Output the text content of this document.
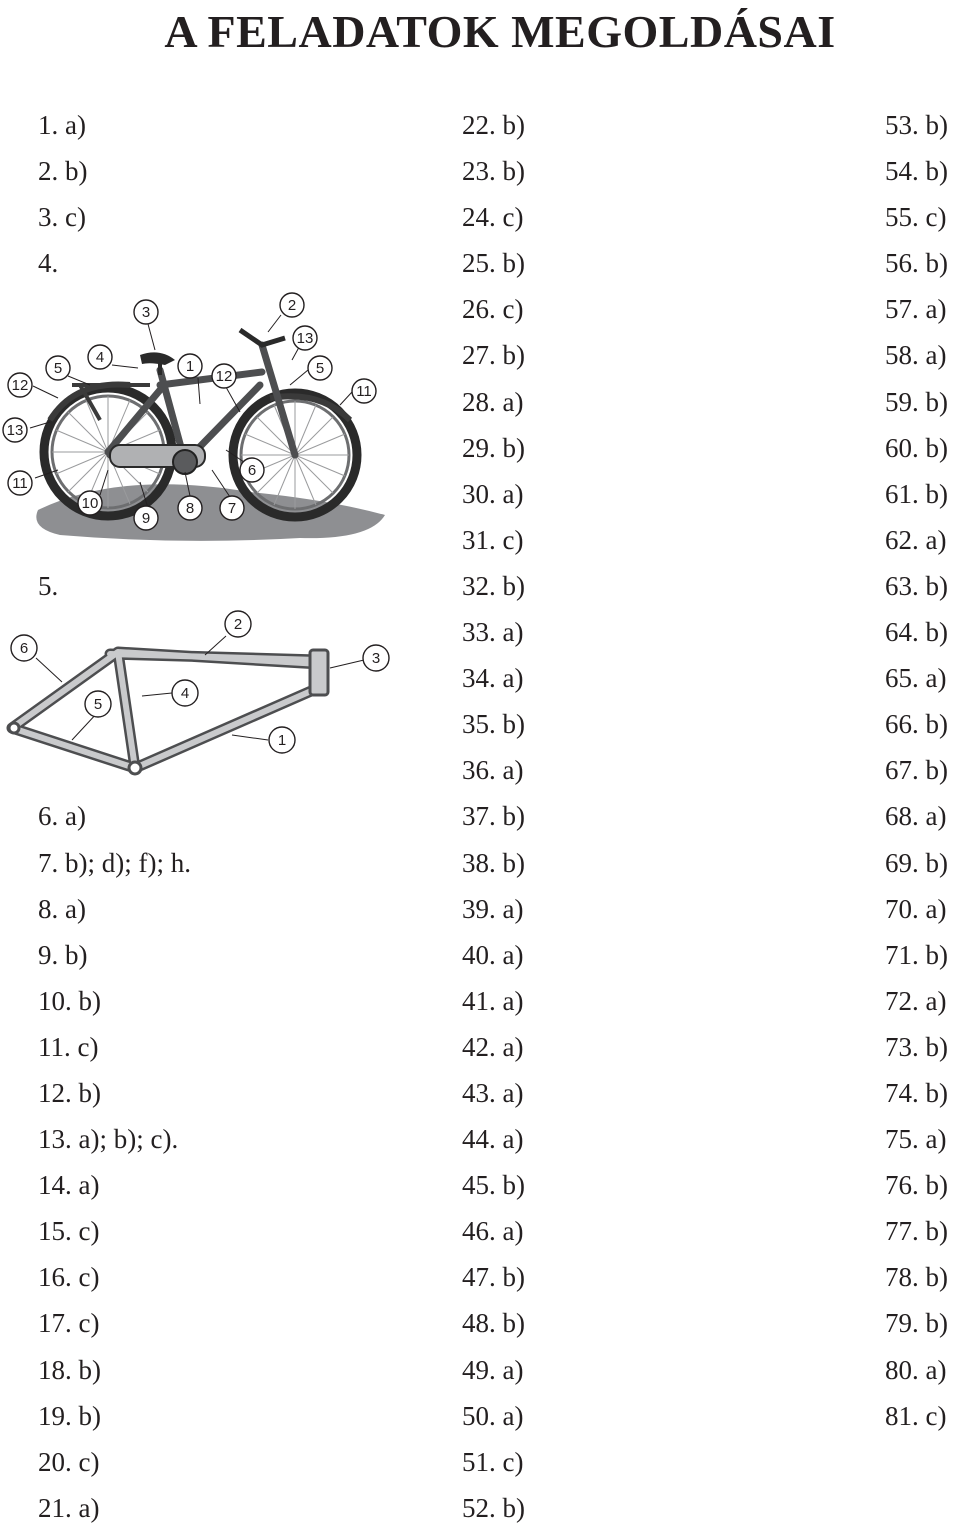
A FELADATOK MEGOLDÁSAI
1. a)
2. b)
3. c)
4.
5.
6. a)
7. b); d); f); h.
8. a)
9. b)
10. b)
11. c)
12. b)
13. a); b); c).
14. a)
15. c)
16. c)
17. c)
18. b)
19. b)
20. c)
21. a)
22. b)
23. b)
24. c)
25. b)
26. c)
27. b)
28. a)
29. b)
30. a)
31. c)
32. b)
33. a)
34. a)
35. b)
36. a)
37. b)
38. b)
39. a)
40. a)
41. a)
42. a)
43. a)
44. a)
45. b)
46. a)
47. b)
48. b)
49. a)
50. a)
51. c)
52. b)
53. b)
54. b)
55. c)
56. b)
57. a)
58. a)
59. b)
60. b)
61. b)
62. a)
63. b)
64. b)
65. a)
66. b)
67. b)
68. a)
69. b)
70. a)
71. b)
72. a)
73. b)
74. b)
75. a)
76. b)
77. b)
78. b)
79. b)
80. a)
81. c)
1
2
3
4
5
6
7
8
9
10
11
12
13
5
11
12
13
1
2
3
4
5
6
